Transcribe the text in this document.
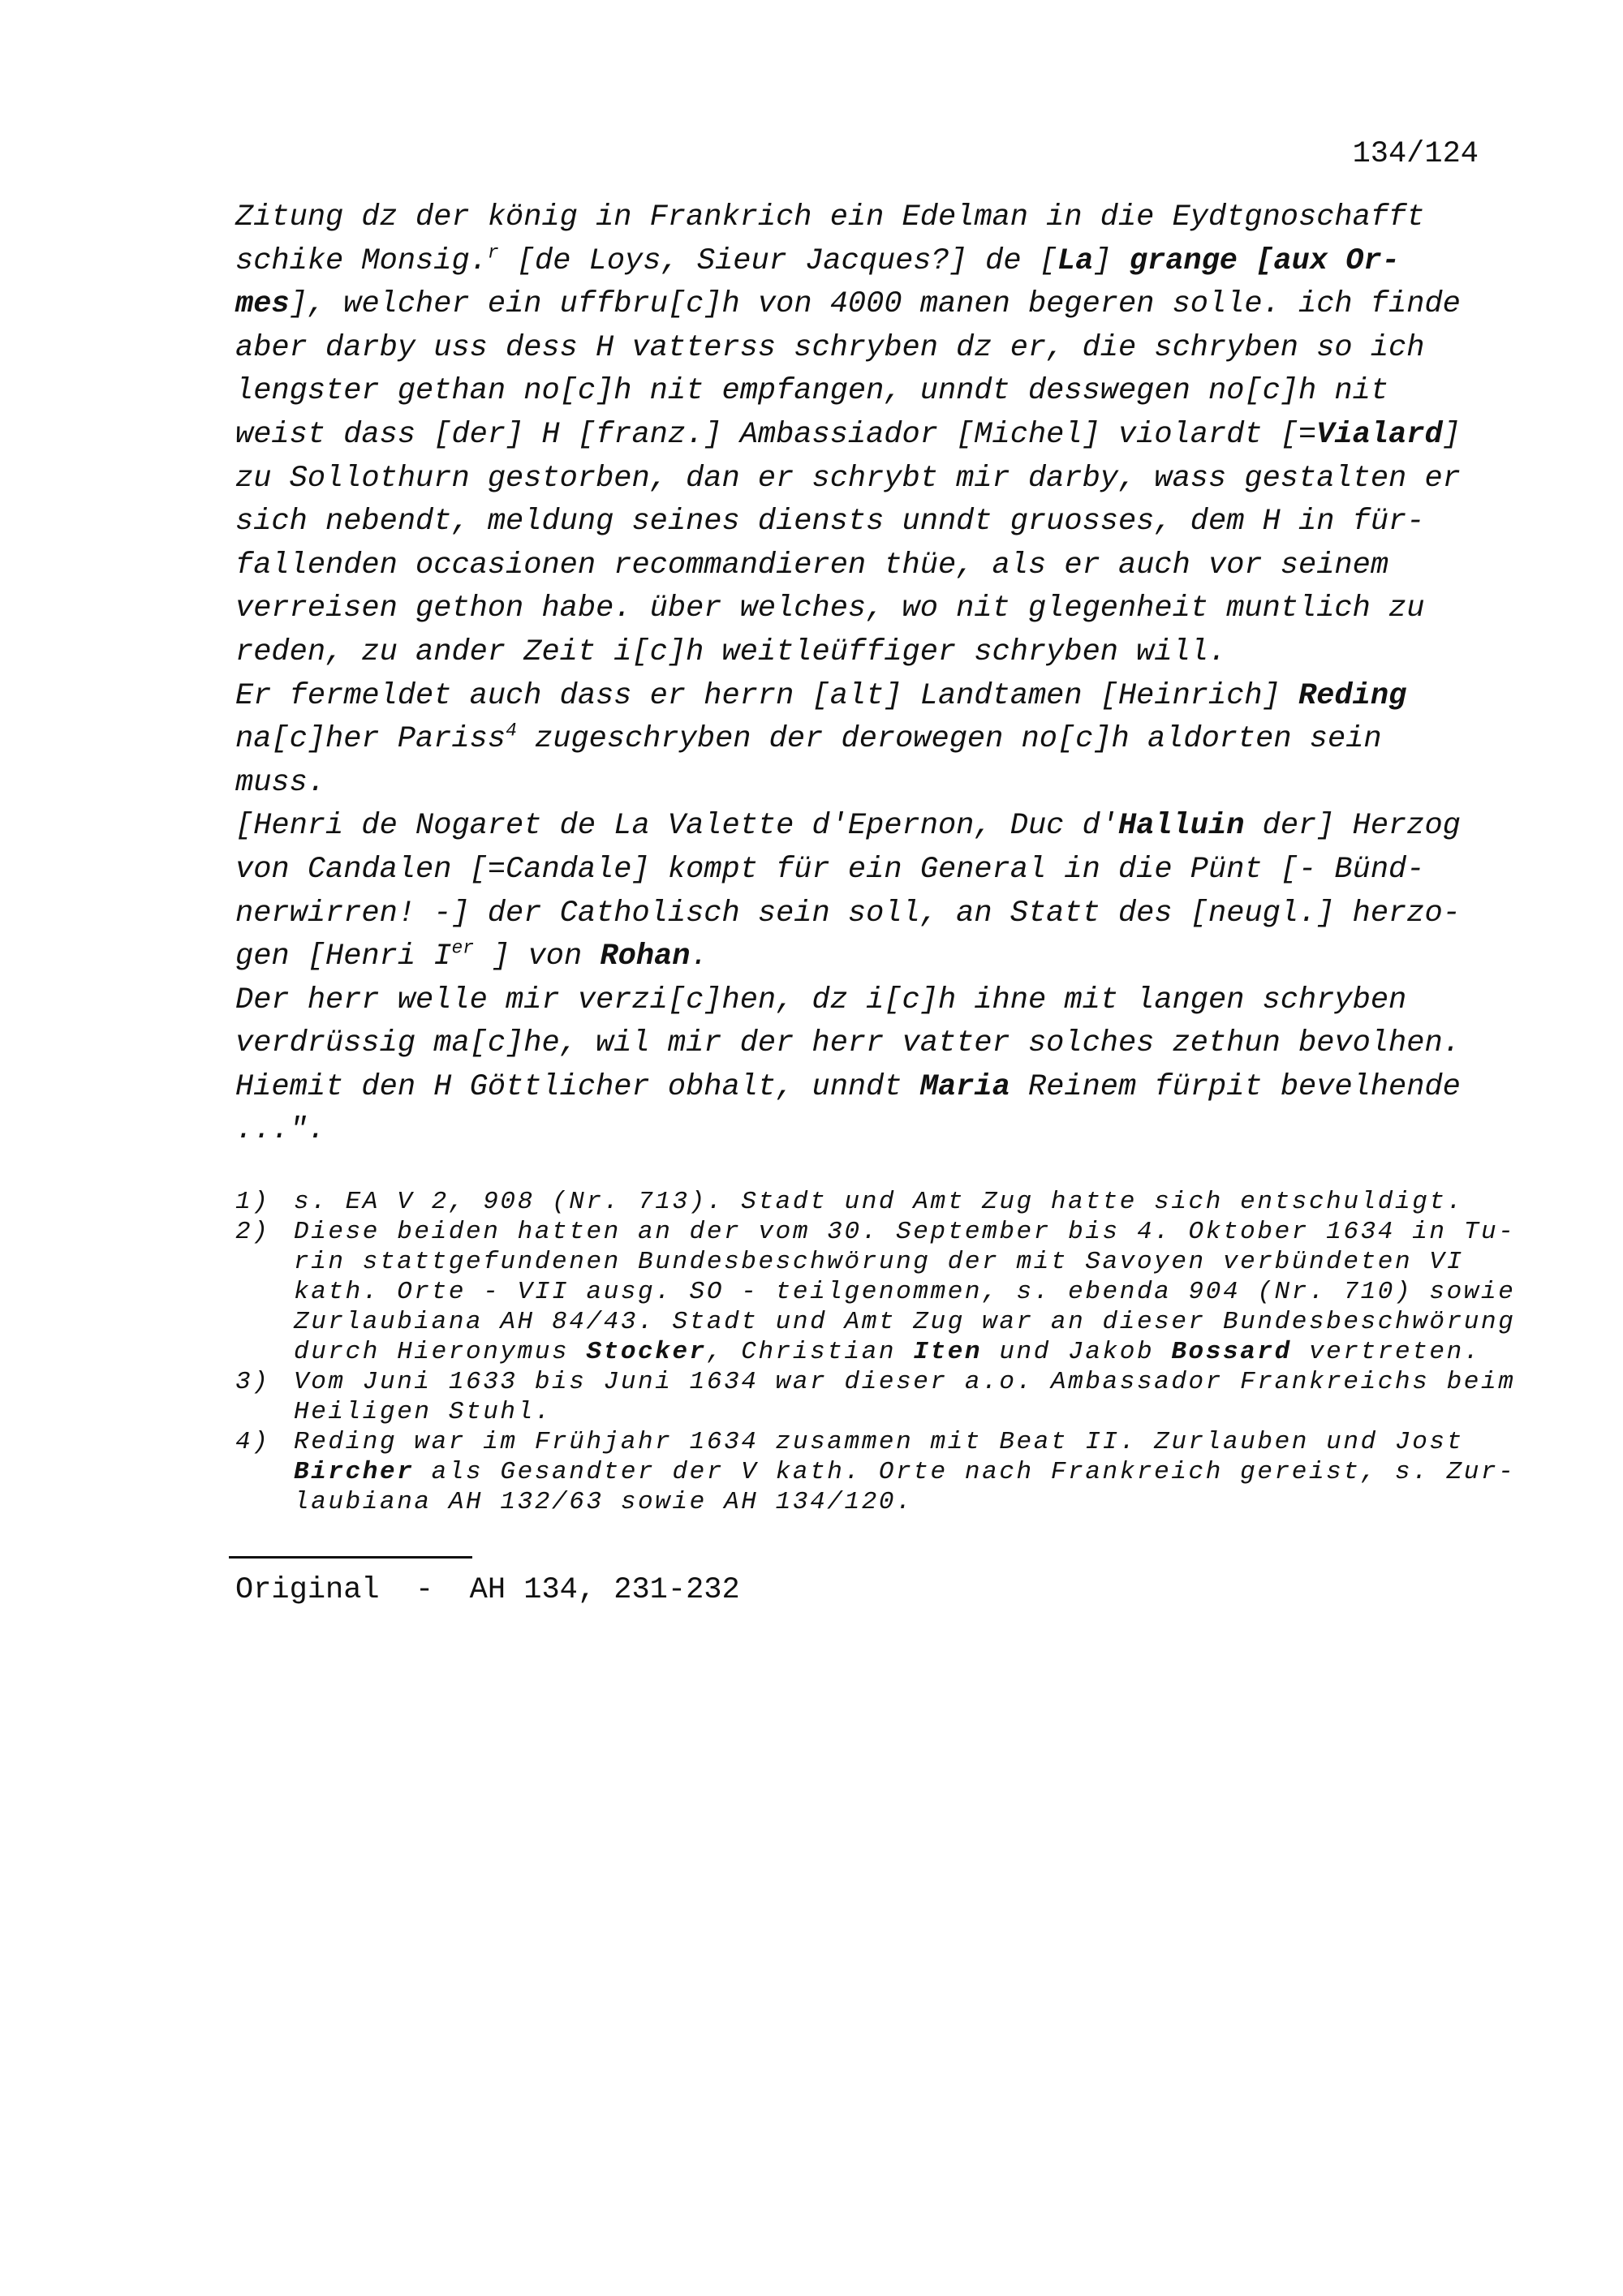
134/124
Zitung dz der könig in Frankrich ein Edelman in die Eydtgnoschafft
schike Monsig.$^r$ [de Loys, Sieur Jacques?] de [La] grange [aux Or-
mes], welcher ein uffbru[c]h von 4000 manen begeren solle. ich finde
aber darby uss dess H vatterss schryben dz er, die schryben so ich
lengster gethan no[c]h nit empfangen, unndt desswegen no[c]h nit
weist dass [der] H [franz.] Ambassiador [Michel] violardt [=Vialard]
zu Sollothurn gestorben, dan er schrybt mir darby, wass gestalten er
sich nebendt, meldung seines diensts unndt gruosses, dem H in für-
fallenden occasionen recommandieren thüe, als er auch vor seinem
verreisen gethon habe. über welches, wo nit glegenheit muntlich zu
reden, zu ander Zeit i[c]h weitleüffiger schryben will.
Er fermeldet auch dass er herrn [alt] Landtamen [Heinrich] Reding
na[c]her Pariss$^4$ zugeschryben der derowegen no[c]h aldorten sein
muss.
[Henri de Nogaret de La Valette d'Epernon, Duc d'Halluin der] Herzog
von Candalen [=Candale] kompt für ein General in die Pünt [- Bünd-
nerwirren! -] der Catholisch sein soll, an Statt des [neugl.] herzo-
gen [Henri Ier ] von Rohan.
Der herr welle mir verzi[c]hen, dz i[c]h ihne mit langen schryben
verdrüssig ma[c]he, wil mir der herr vatter solches zethun bevolhen.
Hiemit den H Göttlicher obhalt, unndt Maria Reinem fürpit bevelhende
...".
1) s. EA V 2, 908 (Nr. 713). Stadt und Amt Zug hatte sich entschuldigt.
2) Diese beiden hatten an der vom 30. September bis 4. Oktober 1634 in Tu-
rin stattgefundenen Bundesbeschwörung der mit Savoyen verbündeten VI
kath. Orte - VII ausg. SO - teilgenommen, s. ebenda 904 (Nr. 710) sowie
Zurlaubiana AH 84/43. Stadt und Amt Zug war an dieser Bundesbeschwörung
durch Hieronymus Stocker, Christian Iten und Jakob Bossard vertreten.
3) Vom Juni 1633 bis Juni 1634 war dieser a.o. Ambassador Frankreichs beim
Heiligen Stuhl.
4) Reding war im Frühjahr 1634 zusammen mit Beat II. Zurlauben und Jost
Bircher als Gesandter der V kath. Orte nach Frankreich gereist, s. Zur-
laubiana AH 132/63 sowie AH 134/120.
Original  -  AH 134, 231-232
